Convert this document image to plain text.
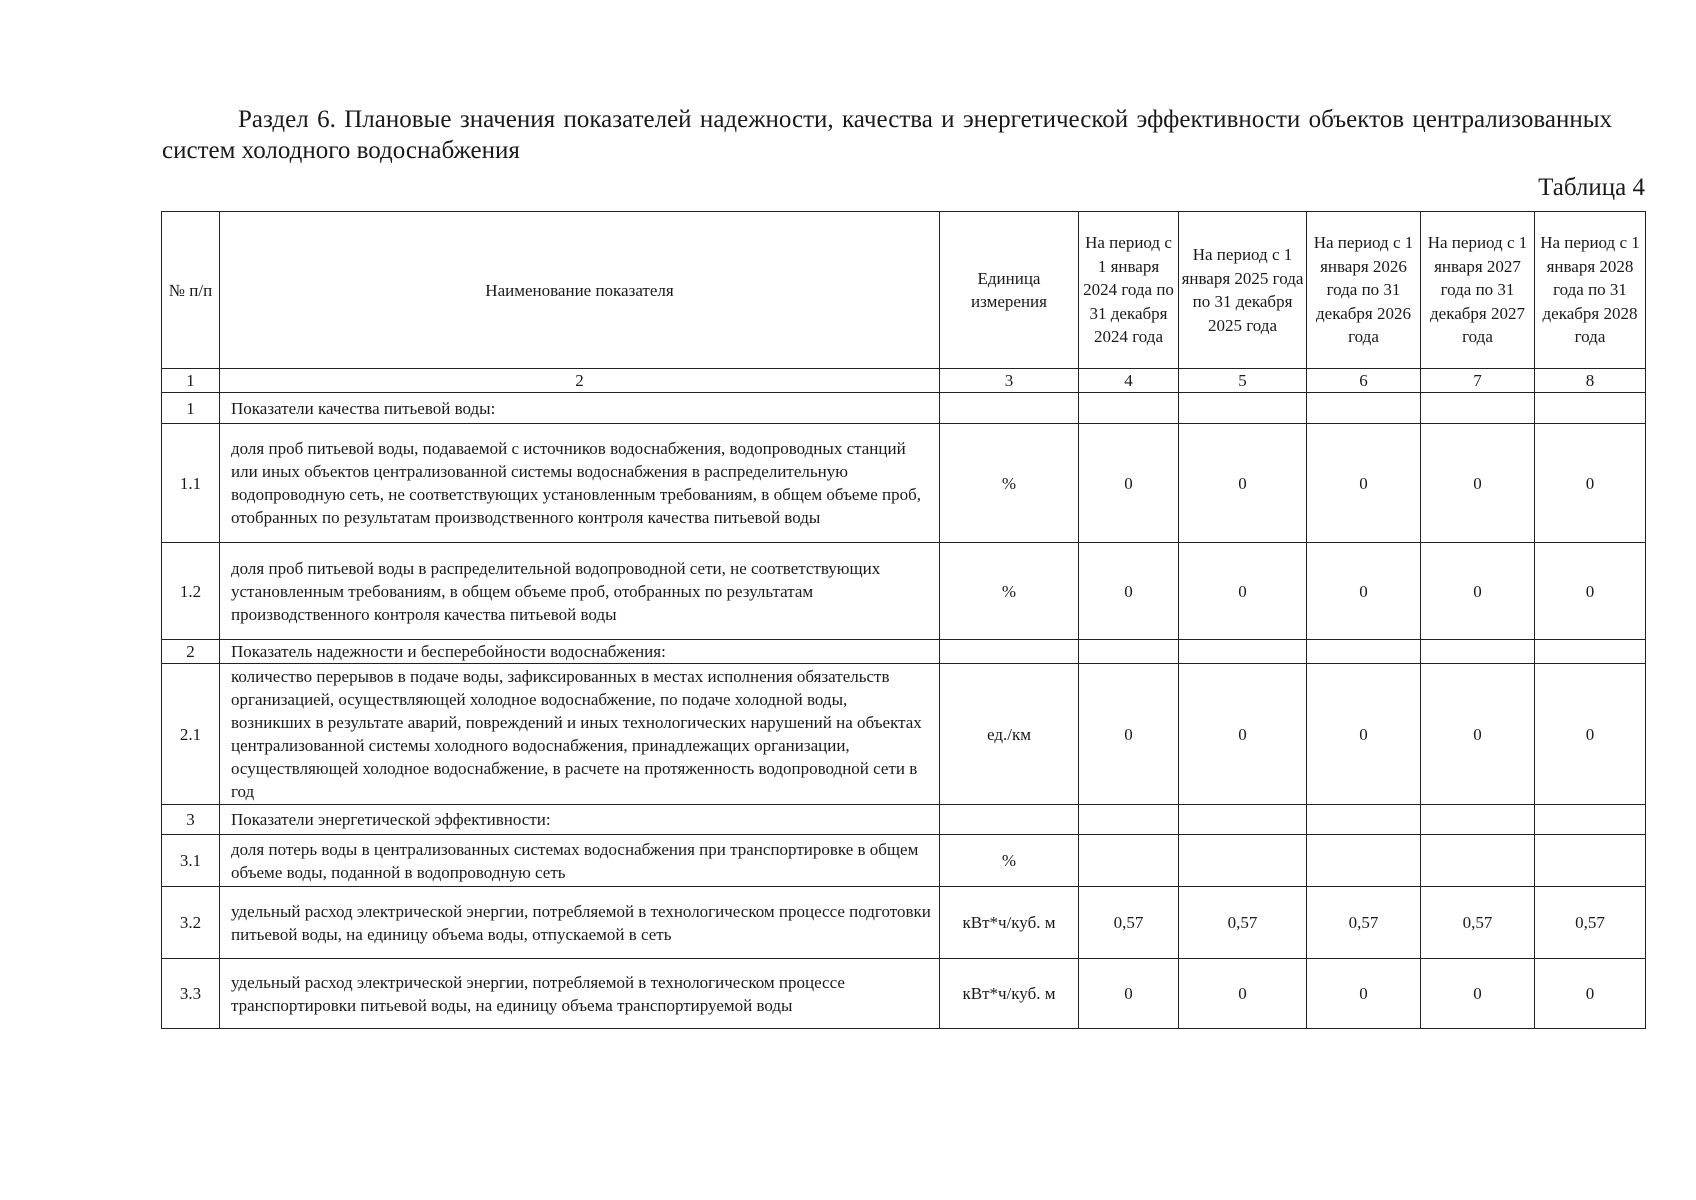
Раздел 6. Плановые значения показателей надежности, качества и энергетической эффективности объектов централизованных систем холодного водоснабжения
Таблица 4
№ п/п	Наименование показателя	Единица измерения	На период с 1 января 2024 года по 31 декабря 2024 года	На период с 1 января 2025 года по 31 декабря 2025 года	На период с 1 января 2026 года по 31 декабря 2026 года	На период с 1 января 2027 года по 31 декабря 2027 года	На период с 1 января 2028 года по 31 декабря 2028 года
1	2	3	4	5	6	7	8
1	Показатели качества питьевой воды:						
1.1	доля проб питьевой воды, подаваемой с источников водоснабжения, водопроводных станций или иных объектов централизованной системы водоснабжения в распределительную водопроводную сеть, не соответствующих установленным требованиям, в общем объеме проб, отобранных по результатам производственного контроля качества питьевой воды	%	0	0	0	0	0
1.2	доля проб питьевой воды в распределительной водопроводной сети, не соответствующих установленным требованиям, в общем объеме проб, отобранных по результатам производственного контроля качества питьевой воды	%	0	0	0	0	0
2	Показатель надежности и бесперебойности водоснабжения:						
2.1	количество перерывов в подаче воды, зафиксированных в местах исполнения обязательств организацией, осуществляющей холодное водоснабжение, по подаче холодной воды, возникших в результате аварий, повреждений и иных технологических нарушений на объектах централизованной системы холодного водоснабжения, принадлежащих организации, осуществляющей холодное водоснабжение, в расчете на протяженность водопроводной сети в год	ед./км	0	0	0	0	0
3	Показатели энергетической эффективности:						
3.1	доля потерь воды в централизованных системах водоснабжения при транспортировке в общем объеме воды, поданной в водопроводную сеть	%					
3.2	удельный расход электрической энергии, потребляемой в технологическом процессе подготовки питьевой воды, на единицу объема воды, отпускаемой в сеть	кВт*ч/куб. м	0,57	0,57	0,57	0,57	0,57
3.3	удельный расход электрической энергии, потребляемой в технологическом процессе транспортировки питьевой воды, на единицу объема транспортируемой воды	кВт*ч/куб. м	0	0	0	0	0
